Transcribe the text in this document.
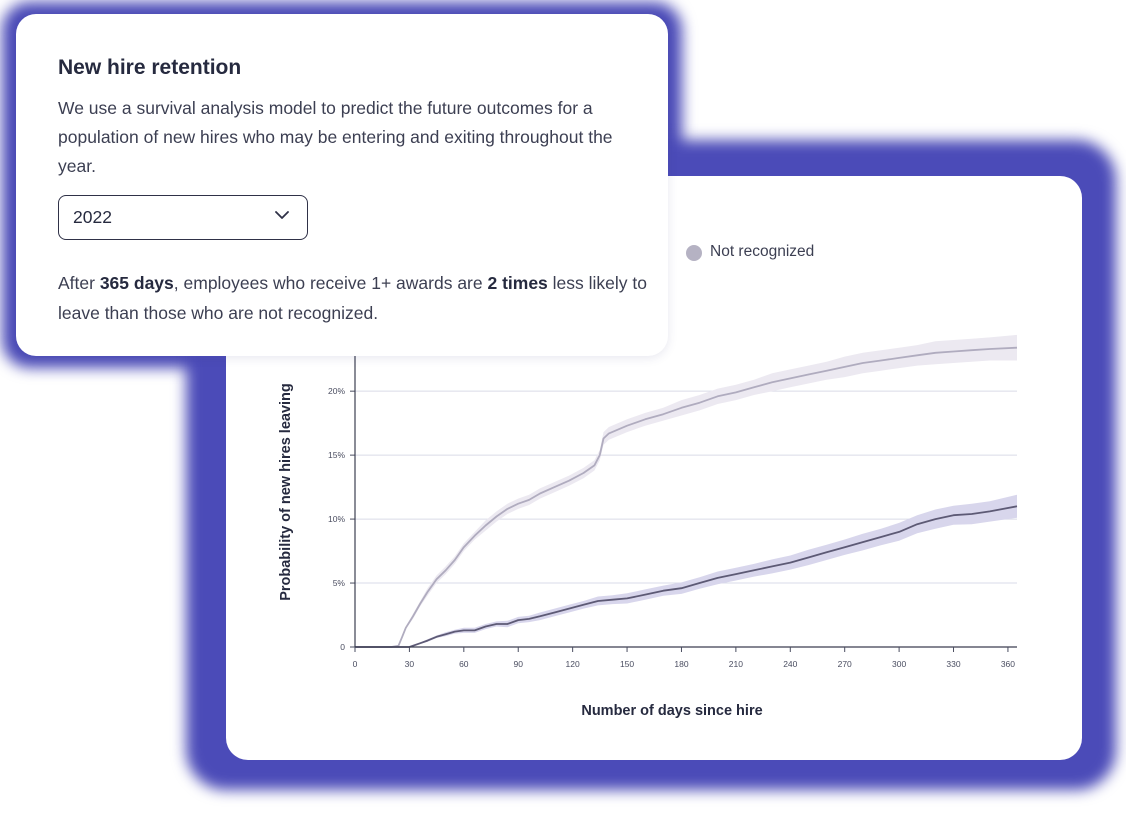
0
5%
10%
15%
20%
0	30	60	90	120	150	180	210	240	270	300	330	360
Not recognized
Probability of new hires leaving
Number of days since hire
New hire retention

We use a survival analysis model to predict the future outcomes for a population of new hires who may be entering and exiting throughout the year.

2022

After 365 days, employees who receive 1+ awards are 2 times less likely to leave than those who are not recognized.
